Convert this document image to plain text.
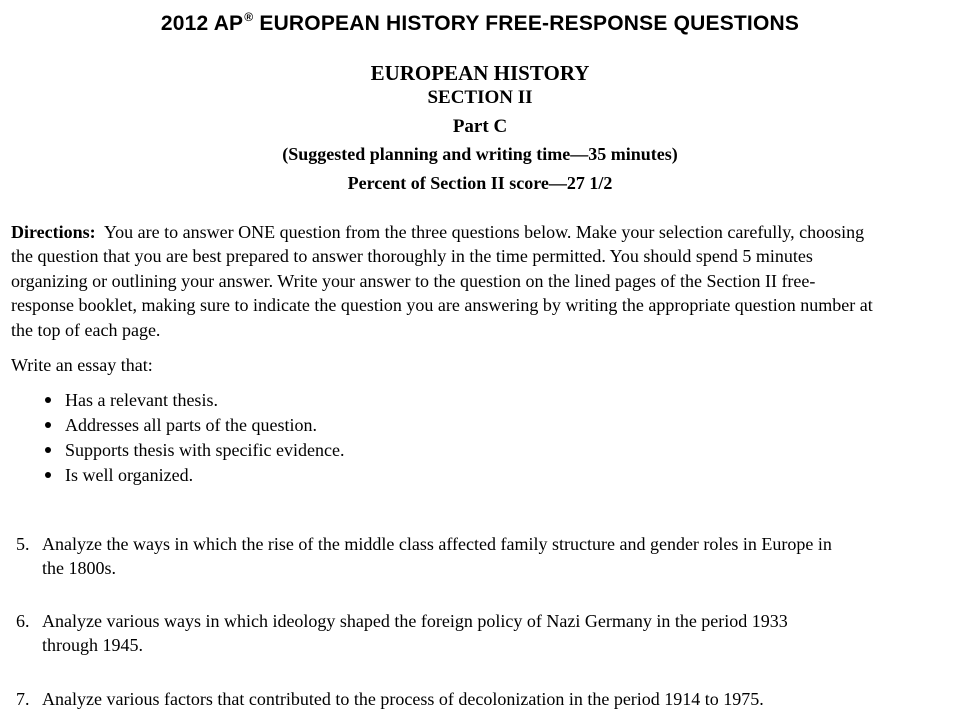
2012 AP® EUROPEAN HISTORY FREE-RESPONSE QUESTIONS
EUROPEAN HISTORY
SECTION II
Part C
(Suggested planning and writing time—35 minutes)
Percent of Section II score—27 1/2
Directions:  You are to answer ONE question from the three questions below. Make your selection carefully, choosing
the question that you are best prepared to answer thoroughly in the time permitted. You should spend 5 minutes
organizing or outlining your answer. Write your answer to the question on the lined pages of the Section II free-
response booklet, making sure to indicate the question you are answering by writing the appropriate question number at
the top of each page.
Write an essay that:
Has a relevant thesis.
Addresses all parts of the question.
Supports thesis with specific evidence.
Is well organized.
5. Analyze the ways in which the rise of the middle class affected family structure and gender roles in Europe in
the 1800s.
6. Analyze various ways in which ideology shaped the foreign policy of Nazi Germany in the period 1933
through 1945.
7. Analyze various factors that contributed to the process of decolonization in the period 1914 to 1975.
